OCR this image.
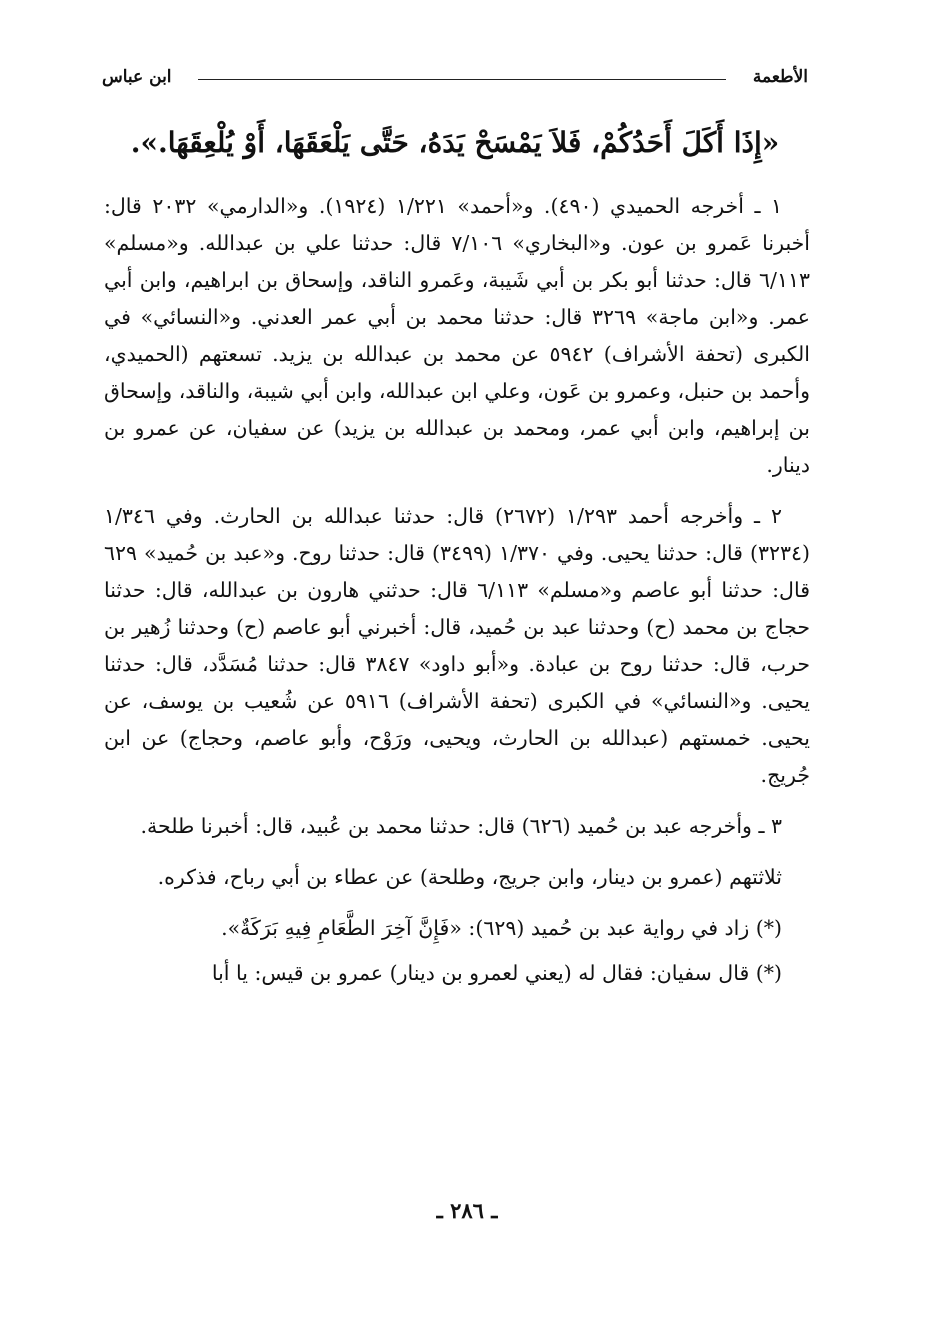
الأطعمة
ابن عباس
«إِذَا أَكَلَ أَحَدُكُمْ، فَلاَ يَمْسَحْ يَدَهُ، حَتَّى يَلْعَقَهَا، أَوْ يُلْعِقَهَا.».

١ ـ أخرجه الحميدي (٤٩٠). و«أحمد» ١/٢٢١ (١٩٢٤). و«الدارمي» ٢٠٣٢ قال: أخبرنا عَمرو بن عون. و«البخاري» ٧/١٠٦ قال: حدثنا علي بن عبدالله. و«مسلم» ٦/١١٣ قال: حدثنا أبو بكر بن أبي شَيبة، وعَمرو الناقد، وإسحاق بن ابراهيم، وابن أبي عمر. و«ابن ماجة» ٣٢٦٩ قال: حدثنا محمد بن أبي عمر العدني. و«النسائي» في الكبرى (تحفة الأشراف) ٥٩٤٢ عن محمد بن عبدالله بن يزيد. تسعتهم (الحميدي، وأحمد بن حنبل، وعمرو بن عَون، وعلي ابن عبدالله، وابن أبي شيبة، والناقد، وإسحاق بن إبراهيم، وابن أبي عمر، ومحمد بن عبدالله بن يزيد) عن سفيان، عن عمرو بن دينار.

٢ ـ وأخرجه أحمد ١/٢٩٣ (٢٦٧٢) قال: حدثنا عبدالله بن الحارث. وفي ١/٣٤٦ (٣٢٣٤) قال: حدثنا يحيى. وفي ١/٣٧٠ (٣٤٩٩) قال: حدثنا روح. و«عبد بن حُميد» ٦٢٩ قال: حدثنا أبو عاصم و«مسلم» ٦/١١٣ قال: حدثني هارون بن عبدالله، قال: حدثنا حجاج بن محمد (ح) وحدثنا عبد بن حُميد، قال: أخبرني أبو عاصم (ح) وحدثنا زُهير بن حرب، قال: حدثنا روح بن عبادة. و«أبو داود» ٣٨٤٧ قال: حدثنا مُسَدَّد، قال: حدثنا يحيى. و«النسائي» في الكبرى (تحفة الأشراف) ٥٩١٦ عن شُعيب بن يوسف، عن يحيى. خمستهم (عبدالله بن الحارث، ويحيى، ورَوْح، وأبو عاصم، وحجاج) عن ابن جُريج.

٣ ـ وأخرجه عبد بن حُميد (٦٢٦) قال: حدثنا محمد بن عُبيد، قال: أخبرنا طلحة.

ثلاثتهم (عمرو بن دينار، وابن جريج، وطلحة) عن عطاء بن أبي رباح، فذكره.

(*) زاد في رواية عبد بن حُميد (٦٢٩): «فَإِنَّ آخِرَ الطَّعَامِ فِيهِ بَرَكَةٌ».

(*) قال سفيان: فقال له (يعني لعمرو بن دينار) عمرو بن قيس: يا أبا

ـ ٢٨٦ ـ
